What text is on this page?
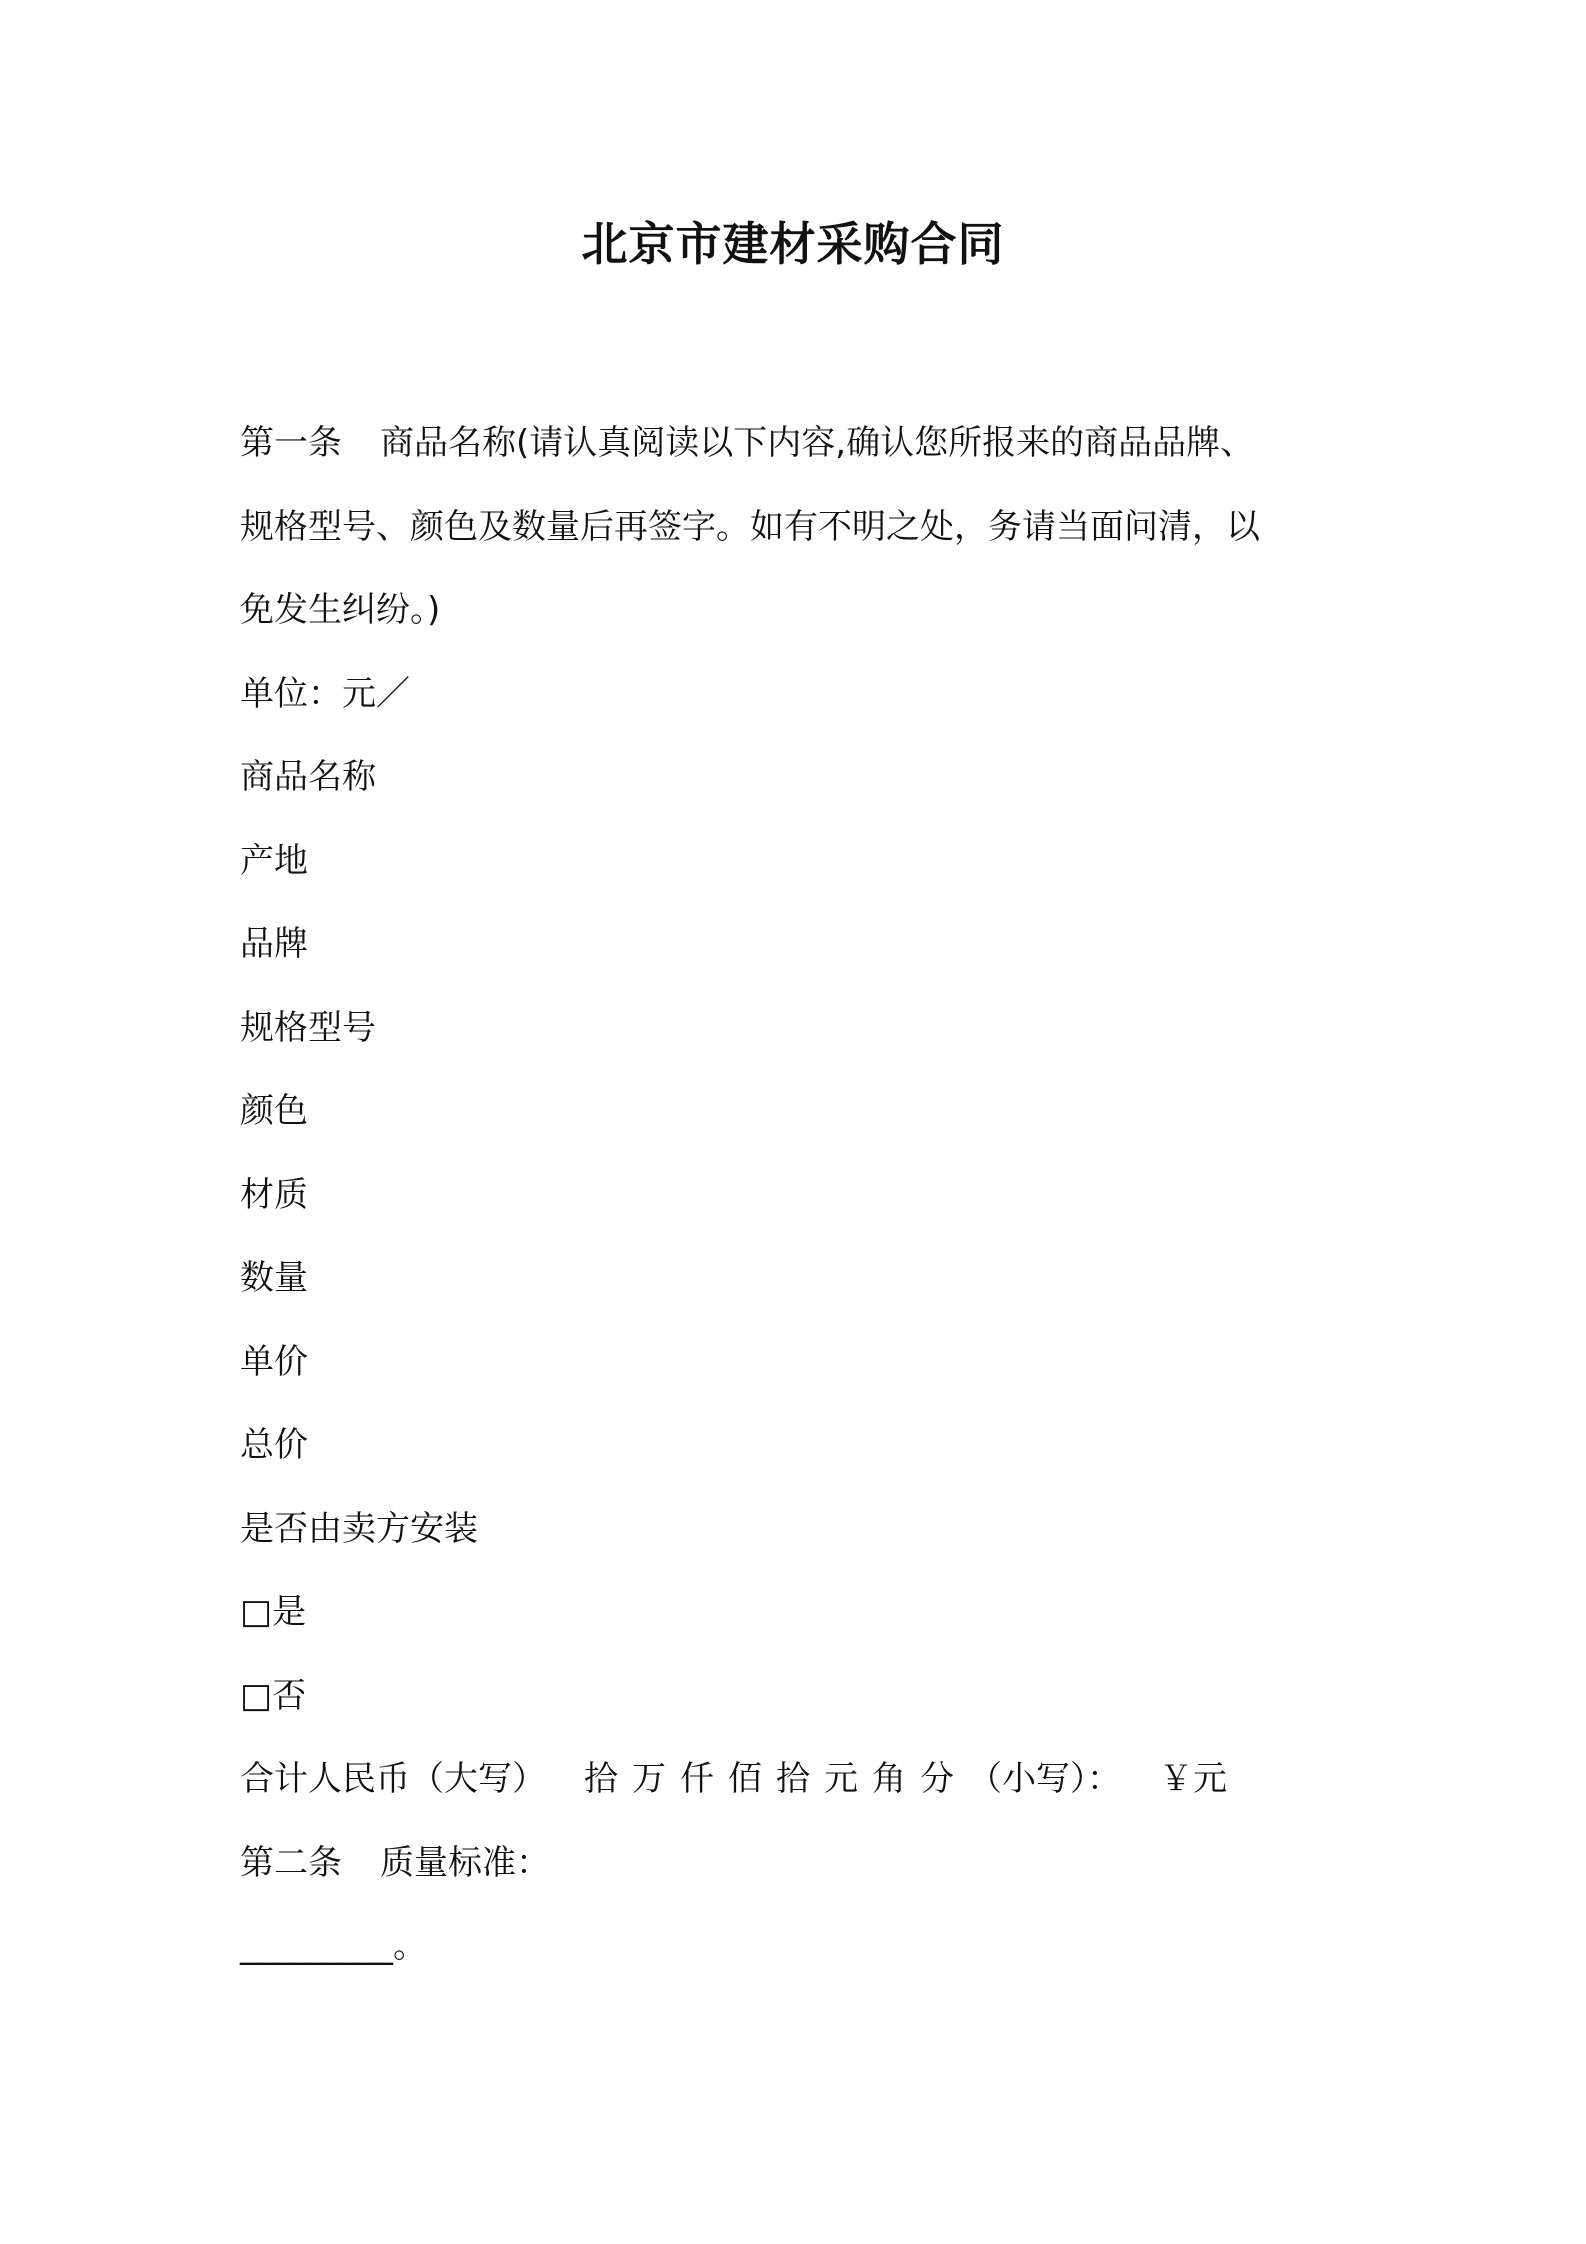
北京市建材采购合同
第一条 商品名称(请认真阅读以下内容,确认您所报来的商品品牌、
规格型号、颜色及数量后再签字。如有不明之处，务请当面问清，以
免发生纠纷。)
单位：元／
商品名称
产地
品牌
规格型号
颜色
材质
数量
单价
总价
是否由卖方安装
□是
□否
合计人民币（大写） 拾万仟佰拾元角分（小写）： ￥元
第二条 质量标准：
_________。
